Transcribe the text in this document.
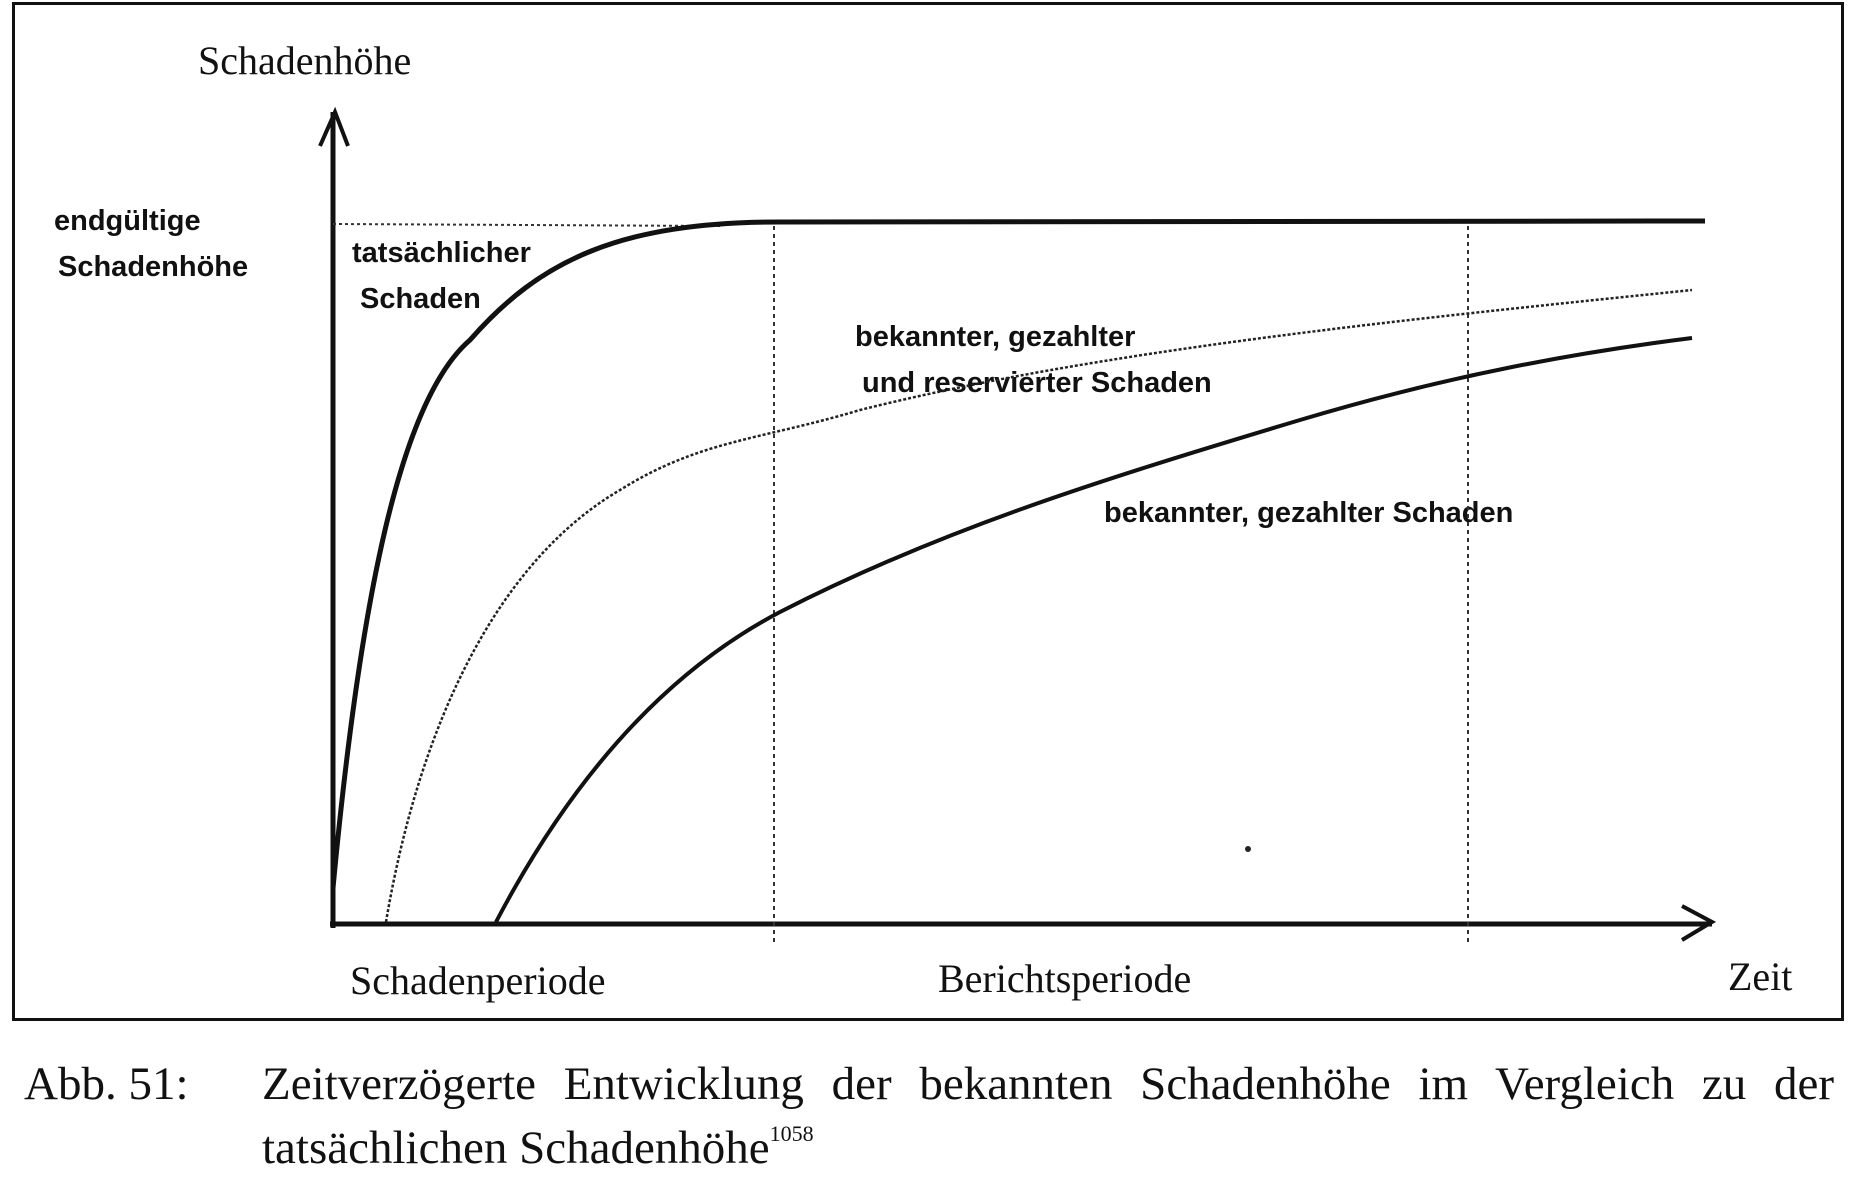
Schadenhöhe
Zeit
Schadenperiode	Berichtsperiode
endgültige
Schadenhöhe	tatsächlicher
Schaden
bekannter, gezahlter
und reservierter Schaden
bekannter, gezahlter Schaden
Abb. 51: Zeitverzögerte Entwicklung der bekannten Schadenhöhe im Vergleich zu der tatsächlichen Schadenhöhe$^{1058}$
